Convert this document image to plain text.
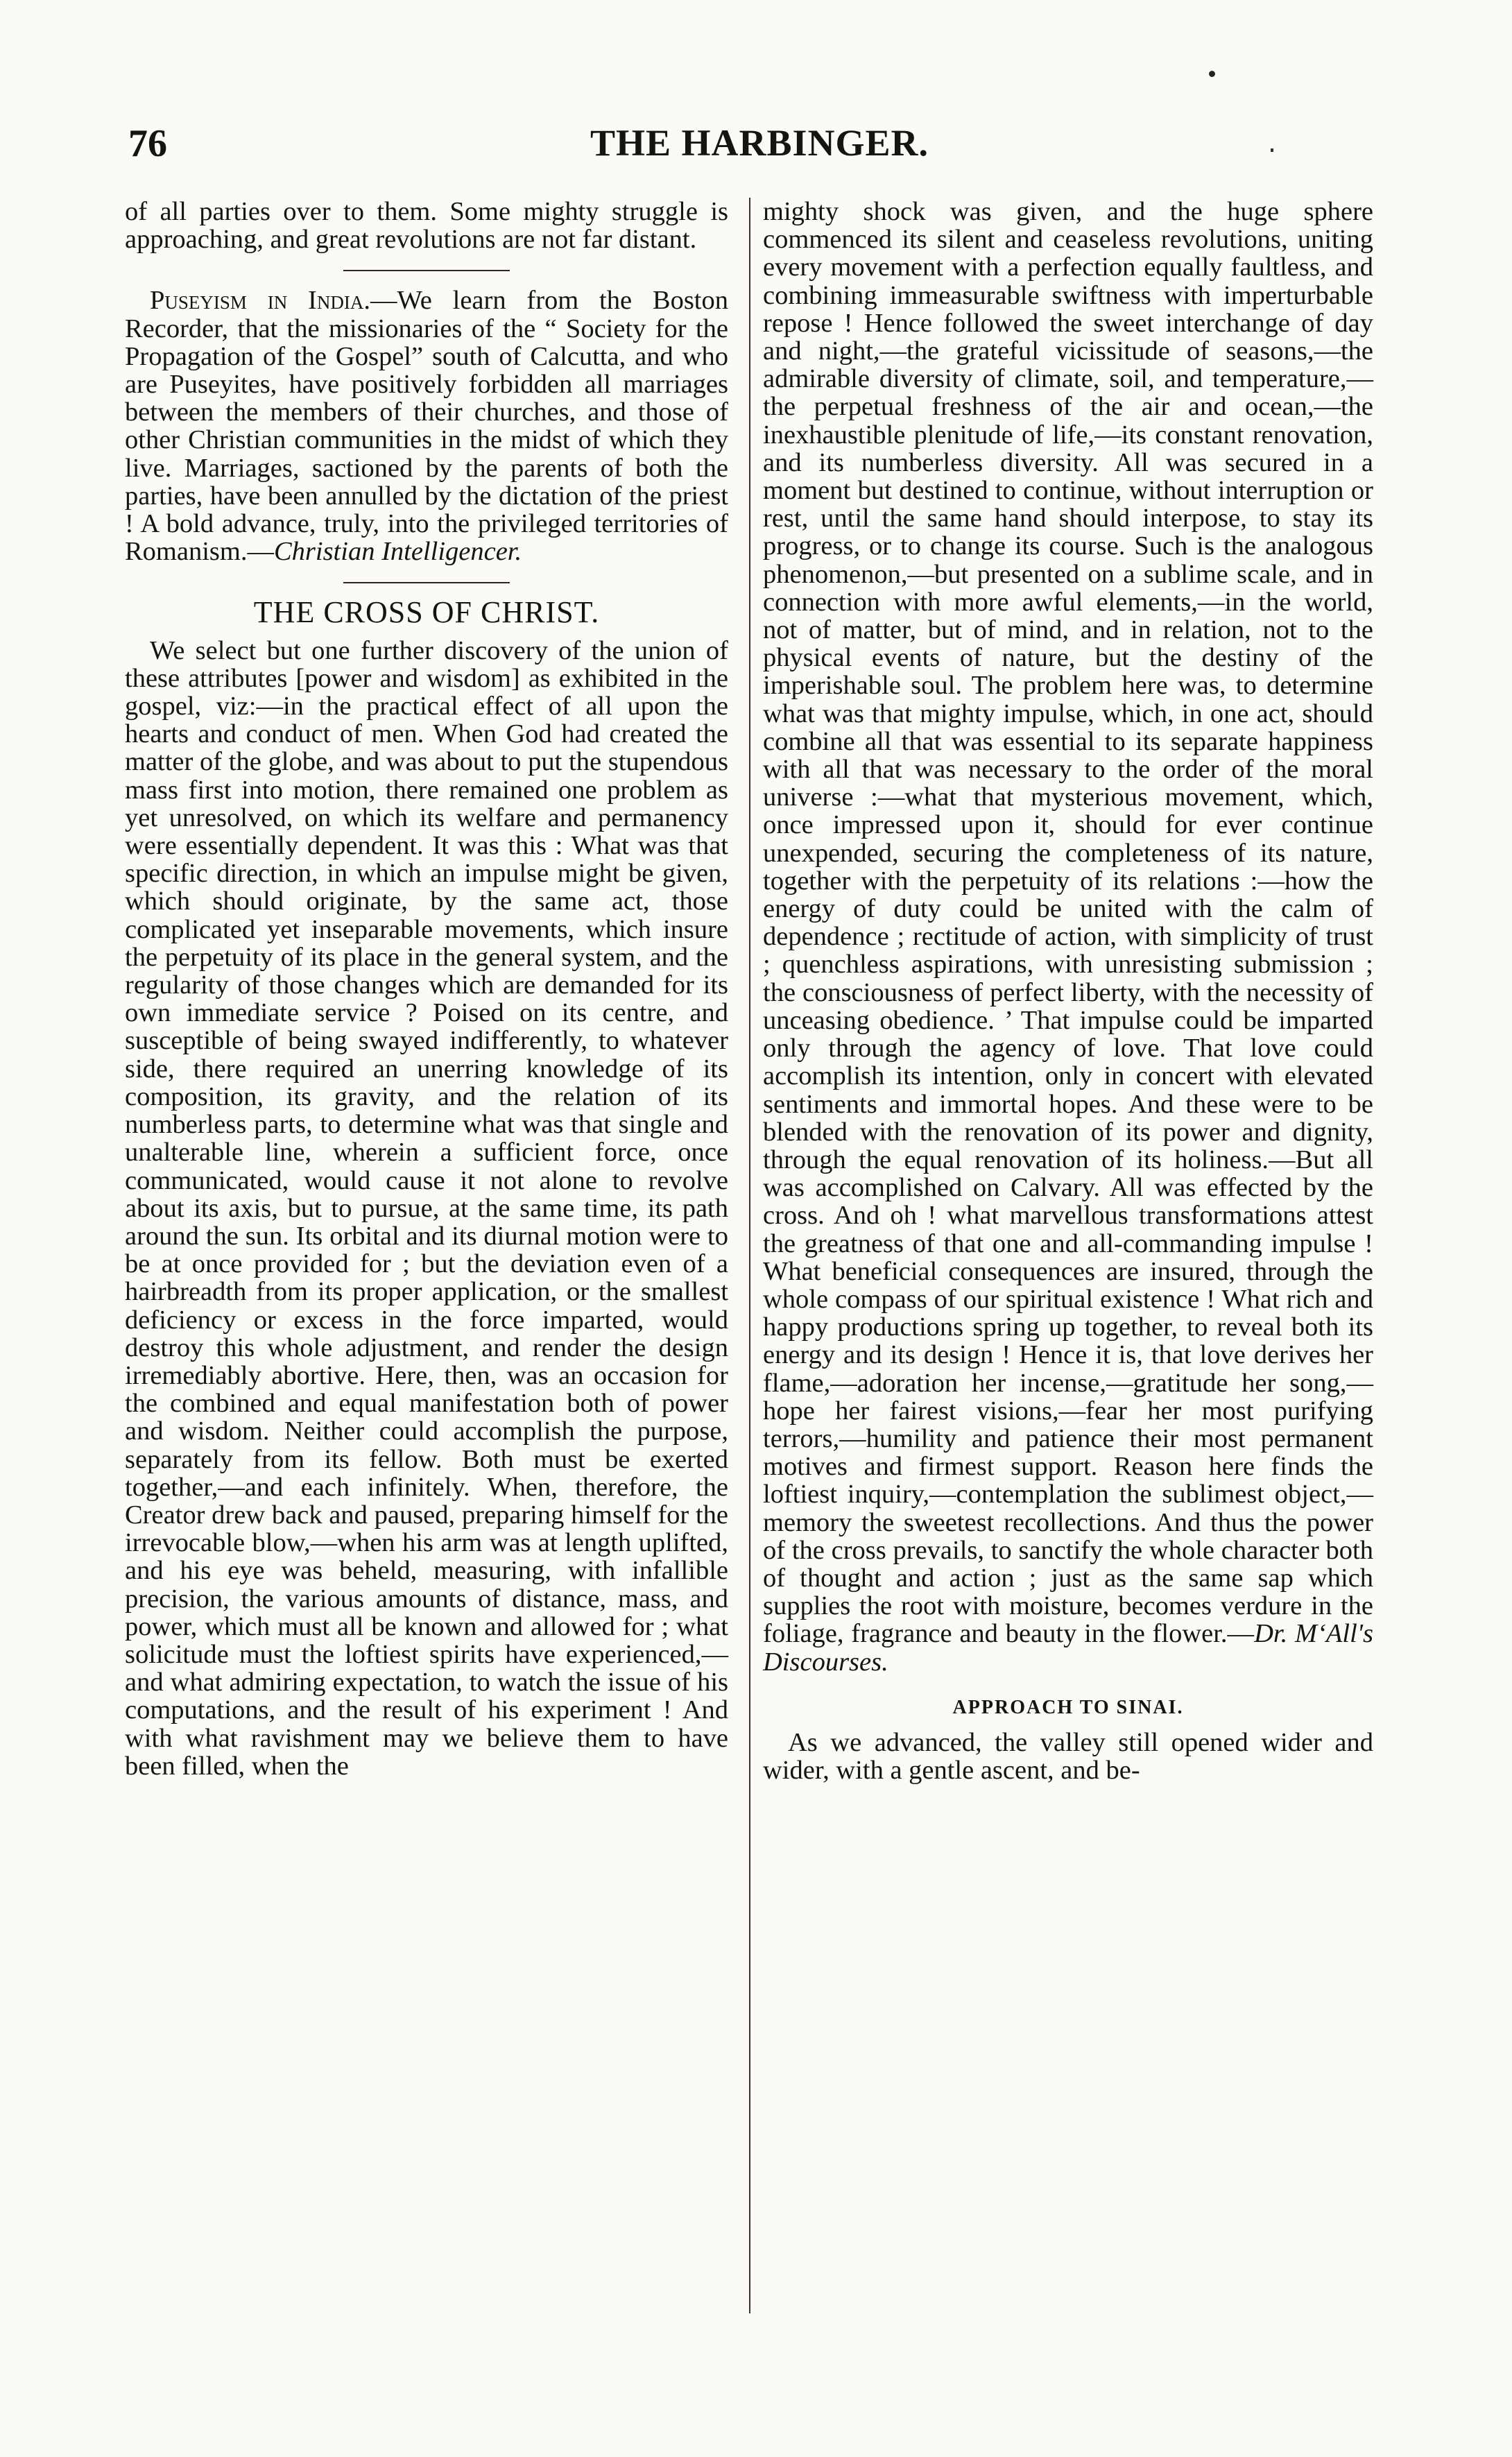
76	THE HARBINGER.

of all parties over to them. Some mighty struggle is approaching, and great revolutions are not far distant.

Puseyism in India.—We learn from the Boston Recorder, that the missionaries of the “ Society for the Propagation of the Gospel” south of Calcutta, and who are Puseyites, have positively forbidden all marriages between the members of their churches, and those of other Christian communities in the midst of which they live. Marriages, sactioned by the parents of both the parties, have been annulled by the dictation of the priest ! A bold advance, truly, into the privileged territories of Romanism.—Christian Intelligencer.

THE CROSS OF CHRIST.

We select but one further discovery of the union of these attributes [power and wisdom] as exhibited in the gospel, viz:—in the practical effect of all upon the hearts and conduct of men. When God had created the matter of the globe, and was about to put the stupendous mass first into motion, there remained one problem as yet unresolved, on which its welfare and permanency were essentially dependent. It was this : What was that specific direction, in which an impulse might be given, which should originate, by the same act, those complicated yet inseparable movements, which insure the perpetuity of its place in the general system, and the regularity of those changes which are demanded for its own immediate service ? Poised on its centre, and susceptible of being swayed indifferently, to whatever side, there required an unerring knowledge of its composition, its gravity, and the relation of its numberless parts, to determine what was that single and unalterable line, wherein a sufficient force, once communicated, would cause it not alone to revolve about its axis, but to pursue, at the same time, its path around the sun. Its orbital and its diurnal motion were to be at once provided for ; but the deviation even of a hairbreadth from its proper application, or the smallest deficiency or excess in the force imparted, would destroy this whole adjustment, and render the design irremediably abortive. Here, then, was an occasion for the combined and equal manifestation both of power and wisdom. Neither could accomplish the purpose, separately from its fellow. Both must be exerted together,—and each infinitely. When, therefore, the Creator drew back and paused, preparing himself for the irrevocable blow,—when his arm was at length uplifted, and his eye was beheld, measuring, with infallible precision, the various amounts of distance, mass, and power, which must all be known and allowed for ; what solicitude must the loftiest spirits have experienced,—and what admiring expectation, to watch the issue of his computations, and the result of his experiment ! And with what ravishment may we believe them to have been filled, when the

mighty shock was given, and the huge sphere commenced its silent and ceaseless revolutions, uniting every movement with a perfection equally faultless, and combining immeasurable swiftness with imperturbable repose ! Hence followed the sweet interchange of day and night,—the grateful vicissitude of seasons,—the admirable diversity of climate, soil, and temperature,—the perpetual freshness of the air and ocean,—the inexhaustible plenitude of life,—its constant renovation, and its numberless diversity. All was secured in a moment but destined to continue, without interruption or rest, until the same hand should interpose, to stay its progress, or to change its course. Such is the analogous phenomenon,—but presented on a sublime scale, and in connection with more awful elements,—in the world, not of matter, but of mind, and in relation, not to the physical events of nature, but the destiny of the imperishable soul. The problem here was, to determine what was that mighty impulse, which, in one act, should combine all that was essential to its separate happiness with all that was necessary to the order of the moral universe :—what that mysterious movement, which, once impressed upon it, should for ever continue unexpended, securing the completeness of its nature, together with the perpetuity of its relations :—how the energy of duty could be united with the calm of dependence ; rectitude of action, with simplicity of trust ; quenchless aspirations, with unresisting submission ; the consciousness of perfect liberty, with the necessity of unceasing obedience. ’ That impulse could be imparted only through the agency of love. That love could accomplish its intention, only in concert with elevated sentiments and immortal hopes. And these were to be blended with the renovation of its power and dignity, through the equal renovation of its holiness.—But all was accomplished on Calvary. All was effected by the cross. And oh ! what marvellous transformations attest the greatness of that one and all-commanding impulse ! What beneficial consequences are insured, through the whole compass of our spiritual existence ! What rich and happy productions spring up together, to reveal both its energy and its design ! Hence it is, that love derives her flame,—adoration her incense,—gratitude her song,—hope her fairest visions,—fear her most purifying terrors,—humility and patience their most permanent motives and firmest support. Reason here finds the loftiest inquiry,—contemplation the sublimest object,—memory the sweetest recollections. And thus the power of the cross prevails, to sanctify the whole character both of thought and action ; just as the same sap which supplies the root with moisture, becomes verdure in the foliage, fragrance and beauty in the flower.—Dr. M‘All's Discourses.

APPROACH TO SINAI.

As we advanced, the valley still opened wider and wider, with a gentle ascent, and be-
